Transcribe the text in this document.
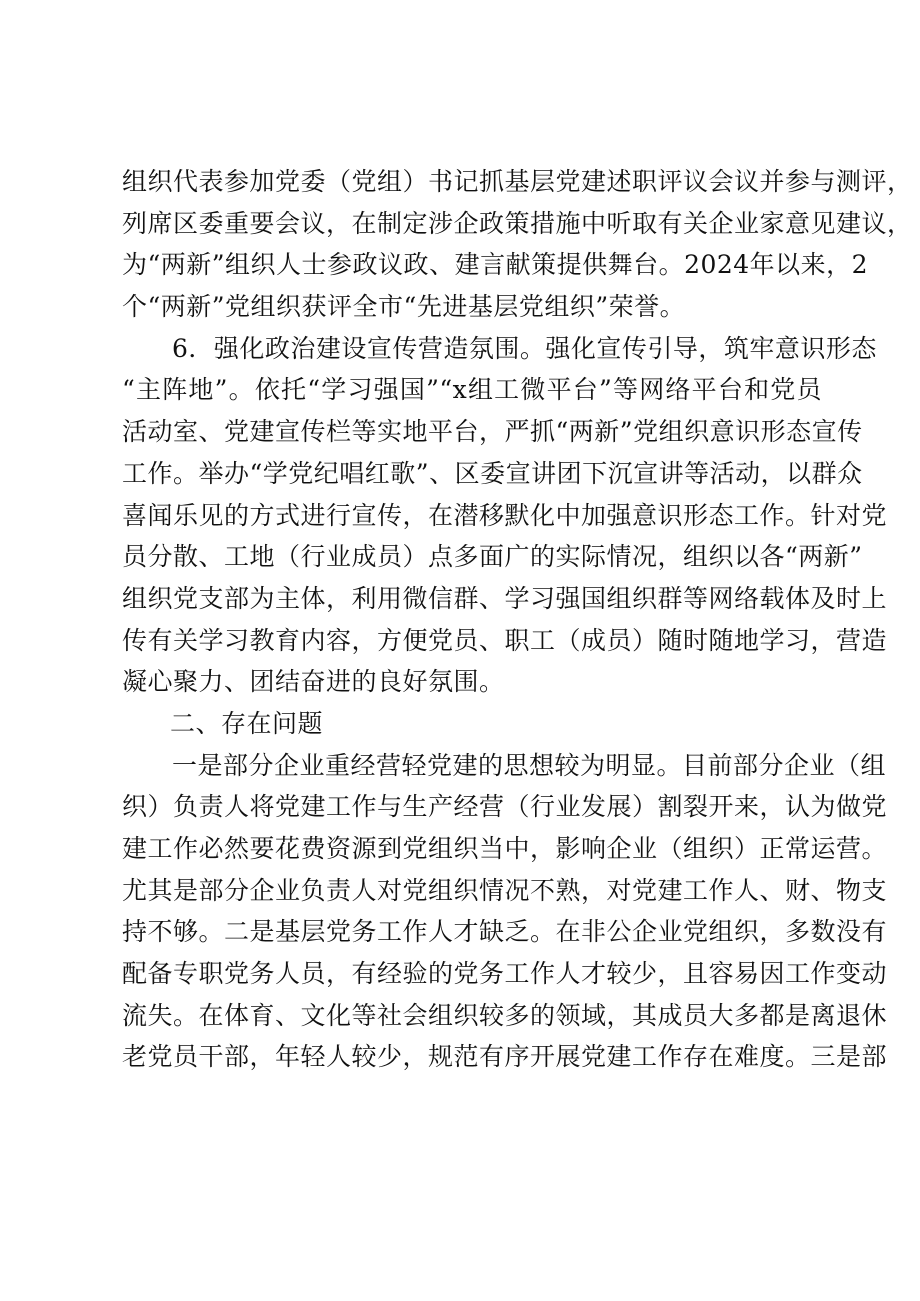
组织代表参加党委（党组）书记抓基层党建述职评议会议并参与测评，
列席区委重要会议，在制定涉企政策措施中听取有关企业家意见建议，
为“两新”组织人士参政议政、建言献策提供舞台。2024年以来，2
个“两新”党组织获评全市“先进基层党组织”荣誉。
6．强化政治建设宣传营造氛围。强化宣传引导，筑牢意识形态
“主阵地”。依托“学习强国”“x组工微平台”等网络平台和党员
活动室、党建宣传栏等实地平台，严抓“两新”党组织意识形态宣传
工作。举办“学党纪唱红歌”、区委宣讲团下沉宣讲等活动，以群众
喜闻乐见的方式进行宣传，在潜移默化中加强意识形态工作。针对党
员分散、工地（行业成员）点多面广的实际情况，组织以各“两新”
组织党支部为主体，利用微信群、学习强国组织群等网络载体及时上
传有关学习教育内容，方便党员、职工（成员）随时随地学习，营造
凝心聚力、团结奋进的良好氛围。
二、存在问题
一是部分企业重经营轻党建的思想较为明显。目前部分企业（组
织）负责人将党建工作与生产经营（行业发展）割裂开来，认为做党
建工作必然要花费资源到党组织当中，影响企业（组织）正常运营。
尤其是部分企业负责人对党组织情况不熟，对党建工作人、财、物支
持不够。二是基层党务工作人才缺乏。在非公企业党组织，多数没有
配备专职党务人员，有经验的党务工作人才较少，且容易因工作变动
流失。在体育、文化等社会组织较多的领域，其成员大多都是离退休
老党员干部，年轻人较少，规范有序开展党建工作存在难度。三是部
